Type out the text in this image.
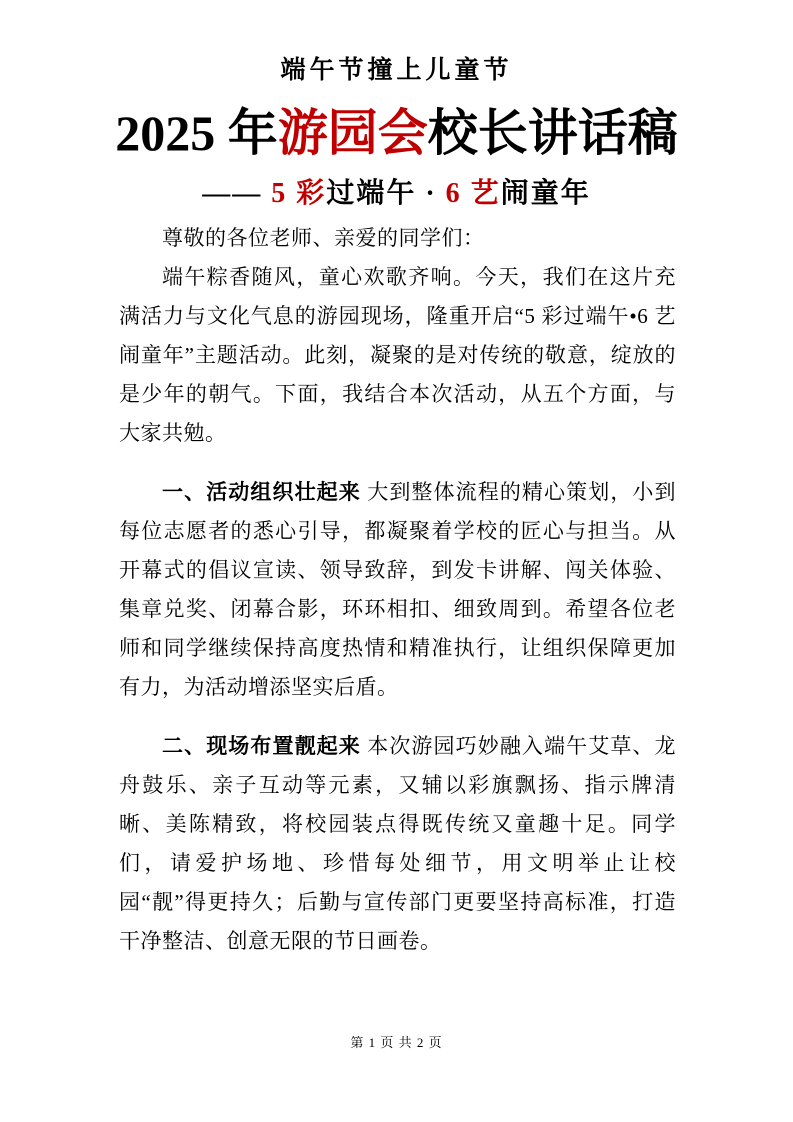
端午节撞上儿童节
2025 年游园会校长讲话稿
—— 5 彩过端午 · 6 艺闹童年

尊敬的各位老师、亲爱的同学们：

端午粽香随风，童心欢歌齐响。今天，我们在这片充满活力与文化气息的游园现场，隆重开启“5 彩过端午•6 艺闹童年”主题活动。此刻，凝聚的是对传统的敬意，绽放的是少年的朝气。下面，我结合本次活动，从五个方面，与大家共勉。

一、活动组织壮起来 大到整体流程的精心策划，小到每位志愿者的悉心引导，都凝聚着学校的匠心与担当。从开幕式的倡议宣读、领导致辞，到发卡讲解、闯关体验、集章兑奖、闭幕合影，环环相扣、细致周到。希望各位老师和同学继续保持高度热情和精准执行，让组织保障更加有力，为活动增添坚实后盾。

二、现场布置靓起来 本次游园巧妙融入端午艾草、龙舟鼓乐、亲子互动等元素，又辅以彩旗飘扬、指示牌清晰、美陈精致，将校园装点得既传统又童趣十足。同学们，请爱护场地、珍惜每处细节，用文明举止让校园“靓”得更持久；后勤与宣传部门更要坚持高标准，打造干净整洁、创意无限的节日画卷。

第 1 页 共 2 页
